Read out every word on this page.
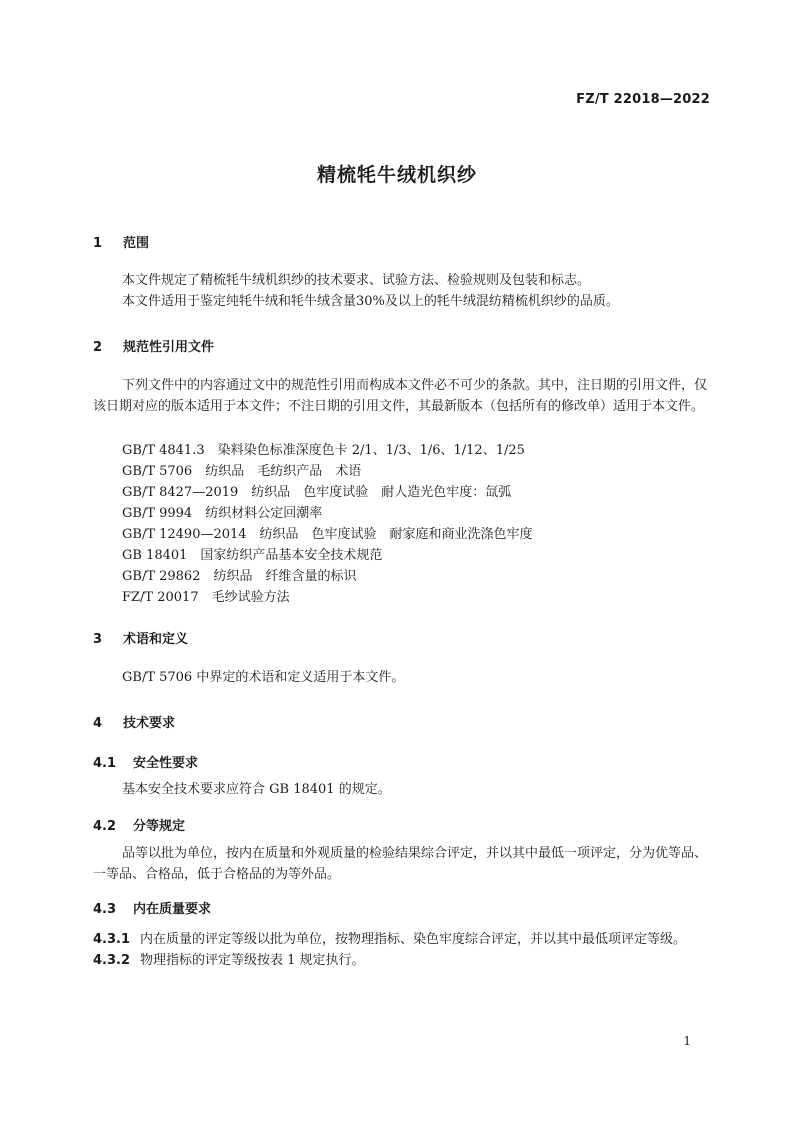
FZ/T 22018—2022
精梳牦牛绒机织纱
1 范围
本文件规定了精梳牦牛绒机织纱的技术要求、试验方法、检验规则及包装和标志。
本文件适用于鉴定纯牦牛绒和牦牛绒含量30%及以上的牦牛绒混纺精梳机织纱的品质。
2 规范性引用文件
下列文件中的内容通过文中的规范性引用而构成本文件必不可少的条款。其中，注日期的引用文件，仅该日期对应的版本适用于本文件；不注日期的引用文件，其最新版本（包括所有的修改单）适用于本文件。
GB/T 4841.3　染料染色标准深度色卡 2/1、1/3、1/6、1/12、1/25
GB/T 5706　纺织品　毛纺织产品　术语
GB/T 8427—2019　纺织品　色牢度试验　耐人造光色牢度：氙弧
GB/T 9994　纺织材料公定回潮率
GB/T 12490—2014　纺织品　色牢度试验　耐家庭和商业洗涤色牢度
GB 18401　国家纺织产品基本安全技术规范
GB/T 29862　纺织品　纤维含量的标识
FZ/T 20017　毛纱试验方法
3 术语和定义
GB/T 5706 中界定的术语和定义适用于本文件。
4 技术要求
4.1 安全性要求
基本安全技术要求应符合 GB 18401 的规定。
4.2 分等规定
品等以批为单位，按内在质量和外观质量的检验结果综合评定，并以其中最低一项评定，分为优等品、一等品、合格品，低于合格品的为等外品。
4.3 内在质量要求
4.3.1 内在质量的评定等级以批为单位，按物理指标、染色牢度综合评定，并以其中最低项评定等级。
4.3.2 物理指标的评定等级按表 1 规定执行。
1
